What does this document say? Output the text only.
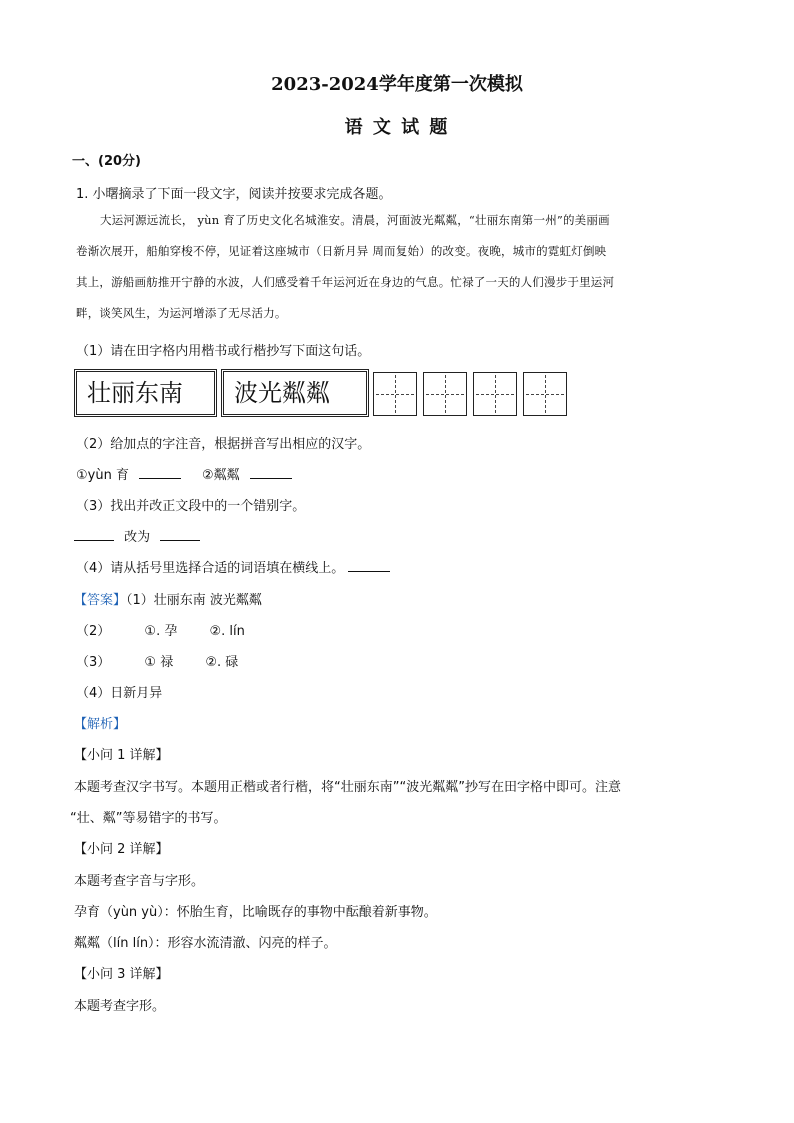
2023-2024学年度第一次模拟
语 文 试 题
一、(20分)
1. 小曙摘录了下面一段文字，阅读并按要求完成各题。
大运河源远流长， yùn 育了历史文化名城淮安。清晨，河面波光粼粼，“壮丽东南第一州”的美丽画
卷渐次展开，船舶穿梭不停，见证着这座城市（日新月异 周而复始）的改变。夜晚，城市的霓虹灯倒映
其上，游船画舫推开宁静的水波，人们感受着千年运河近在身边的气息。忙禄了一天的人们漫步于里运河
畔，谈笑风生，为运河增添了无尽活力。
（1）请在田字格内用楷书或行楷抄写下面这句话。
壮丽东南	波光粼粼
（2）给加点的字注音，根据拼音写出相应的汉字。
①yùn 育	②粼粼
（3）找出并改正文段中的一个错别字。
改为
（4）请从括号里选择合适的词语填在横线上。
【答案】（1）壮丽东南 波光粼粼
（2）	①. 孕 ②. lín
（3）	① 禄 ②. 碌
（4）日新月异
【解析】
【小问 1 详解】
本题考查汉字书写。本题用正楷或者行楷，将“壮丽东南”“波光粼粼”抄写在田字格中即可。注意
“壮、粼”等易错字的书写。
【小问 2 详解】
本题考查字音与字形。
孕育（yùn yù）：怀胎生育，比喻既存的事物中酝酿着新事物。
粼粼（lín lín）：形容水流清澈、闪亮的样子。
【小问 3 详解】
本题考查字形。
